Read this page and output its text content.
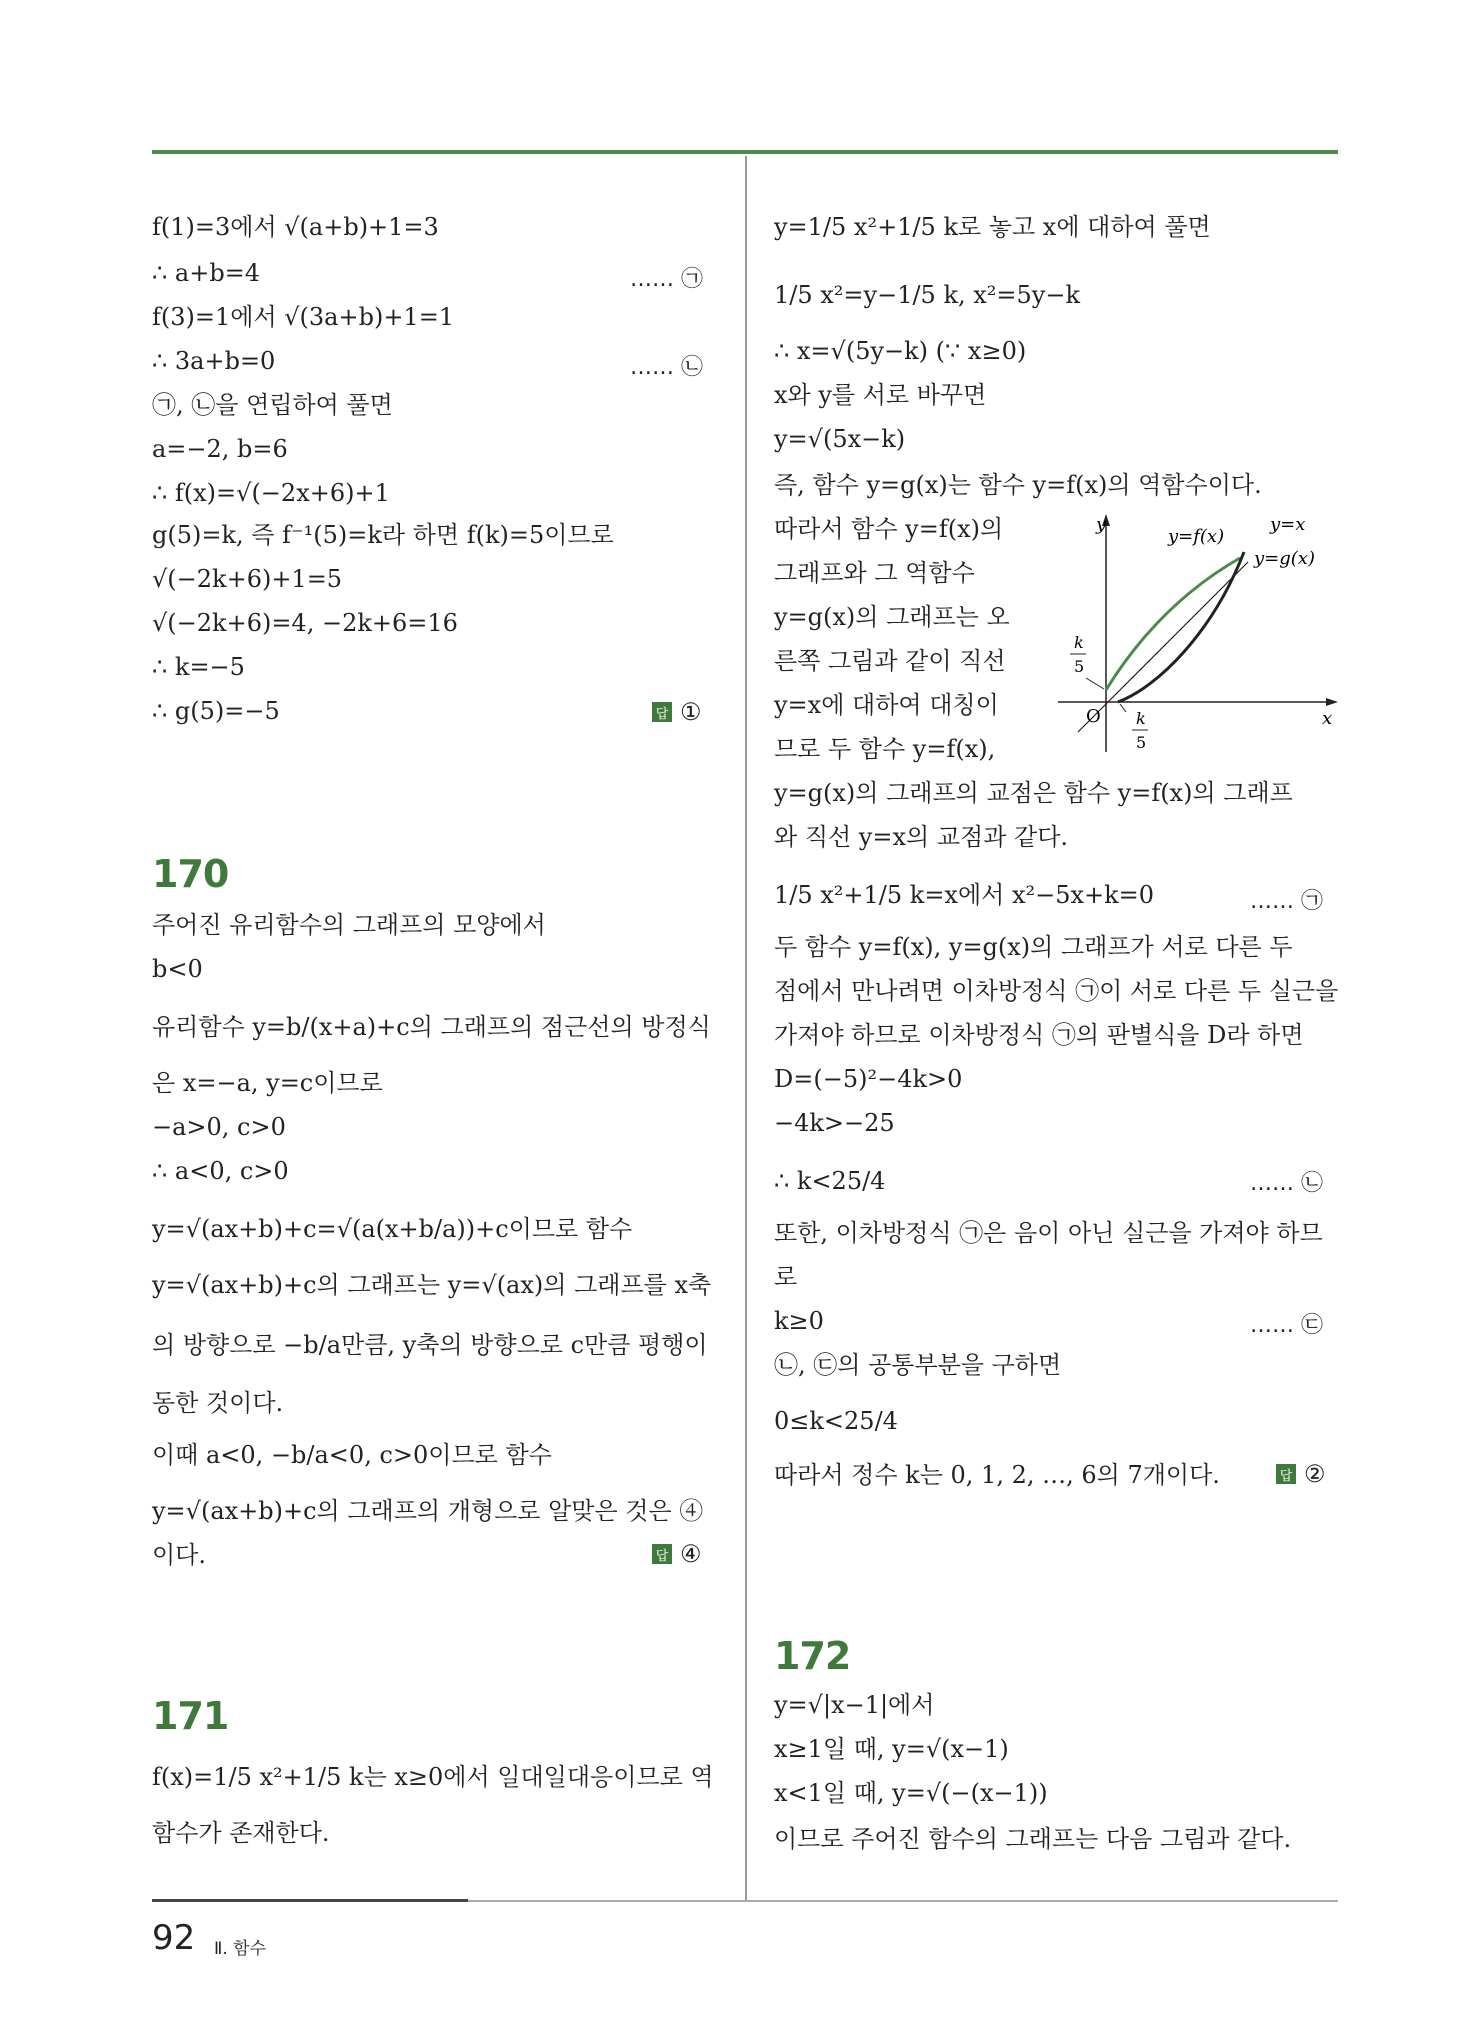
f(1)=3에서 √(a+b)+1=3
∴ a+b=4	…… ㉠
f(3)=1에서 √(3a+b)+1=1
∴ 3a+b=0	…… ㉡
㉠, ㉡을 연립하여 풀면
a=−2, b=6
∴ f(x)=√(−2x+6)+1
g(5)=k, 즉 f⁻¹(5)=k라 하면 f(k)=5이므로
√(−2k+6)+1=5
√(−2k+6)=4, −2k+6=16
∴ k=−5
∴ g(5)=−5	답 ①
170
주어진 유리함수의 그래프의 모양에서
b<0
유리함수 y=b/(x+a)+c의 그래프의 점근선의 방정식
은 x=−a, y=c이므로
−a>0, c>0
∴ a<0, c>0
y=√(ax+b)+c=√(a(x+b/a))+c이므로 함수
y=√(ax+b)+c의 그래프는 y=√(ax)의 그래프를 x축
의 방향으로 −b/a만큼, y축의 방향으로 c만큼 평행이
동한 것이다.
이때 a<0, −b/a<0, c>0이므로 함수
y=√(ax+b)+c의 그래프의 개형으로 알맞은 것은 ④
이다.	답 ④
171
f(x)=1/5 x²+1/5 k는 x≥0에서 일대일대응이므로 역
함수가 존재한다.
y=1/5 x²+1/5 k로 놓고 x에 대하여 풀면
1/5 x²=y−1/5 k, x²=5y−k
∴ x=√(5y−k) (∵ x≥0)
x와 y를 서로 바꾸면
y=√(5x−k)
즉, 함수 y=g(x)는 함수 y=f(x)의 역함수이다.
따라서 함수 y=f(x)의
그래프와 그 역함수
y=g(x)의 그래프는 오
른쪽 그림과 같이 직선
y=x에 대하여 대칭이
므로 두 함수 y=f(x),
y
x
O
y=f(x)
y=x
y=g(x)
k
5
k
5
y=g(x)의 그래프의 교점은 함수 y=f(x)의 그래프
와 직선 y=x의 교점과 같다.
1/5 x²+1/5 k=x에서 x²−5x+k=0	…… ㉠
두 함수 y=f(x), y=g(x)의 그래프가 서로 다른 두
점에서 만나려면 이차방정식 ㉠이 서로 다른 두 실근을
가져야 하므로 이차방정식 ㉠의 판별식을 D라 하면
D=(−5)²−4k>0
−4k>−25
∴ k<25/4	…… ㉡
또한, 이차방정식 ㉠은 음이 아닌 실근을 가져야 하므
로
k≥0	…… ㉢
㉡, ㉢의 공통부분을 구하면
0≤k<25/4
따라서 정수 k는 0, 1, 2, …, 6의 7개이다.	답 ②
172
y=√|x−1|에서
x≥1일 때, y=√(x−1)
x<1일 때, y=√(−(x−1))
이므로 주어진 함수의 그래프는 다음 그림과 같다.
92 Ⅱ. 함수
